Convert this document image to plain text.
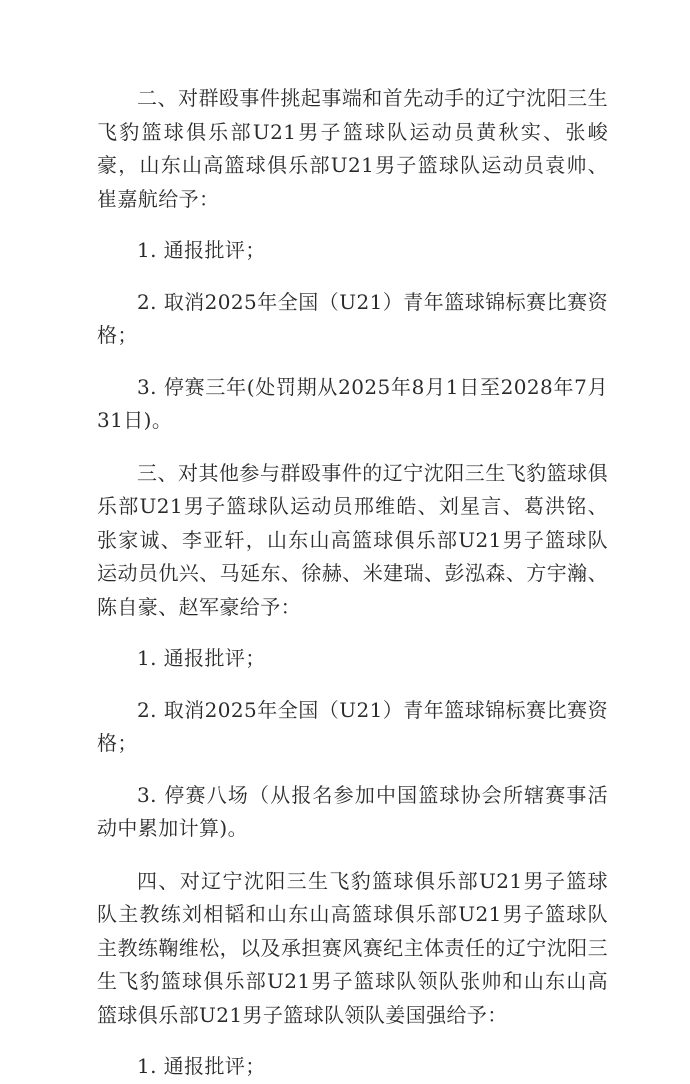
二、对群殴事件挑起事端和首先动手的辽宁沈阳三生飞豹篮球俱乐部U21男子篮球队运动员黄秋实、张峻豪，山东山高篮球俱乐部U21男子篮球队运动员袁帅、崔嘉航给予：

1. 通报批评；

2. 取消2025年全国（U21）青年篮球锦标赛比赛资格；

3. 停赛三年(处罚期从2025年8月1日至2028年7月31日)。

三、对其他参与群殴事件的辽宁沈阳三生飞豹篮球俱乐部U21男子篮球队运动员邢维皓、刘星言、葛洪铭、张家诚、李亚轩，山东山高篮球俱乐部U21男子篮球队运动员仇兴、马延东、徐赫、米建瑞、彭泓森、方宇瀚、陈自豪、赵军豪给予：

1. 通报批评；

2. 取消2025年全国（U21）青年篮球锦标赛比赛资格；

3. 停赛八场（从报名参加中国篮球协会所辖赛事活动中累加计算)。

四、对辽宁沈阳三生飞豹篮球俱乐部U21男子篮球队主教练刘相韬和山东山高篮球俱乐部U21男子篮球队主教练鞠维松，以及承担赛风赛纪主体责任的辽宁沈阳三生飞豹篮球俱乐部U21男子篮球队领队张帅和山东山高篮球俱乐部U21男子篮球队领队姜国强给予：

1. 通报批评；
